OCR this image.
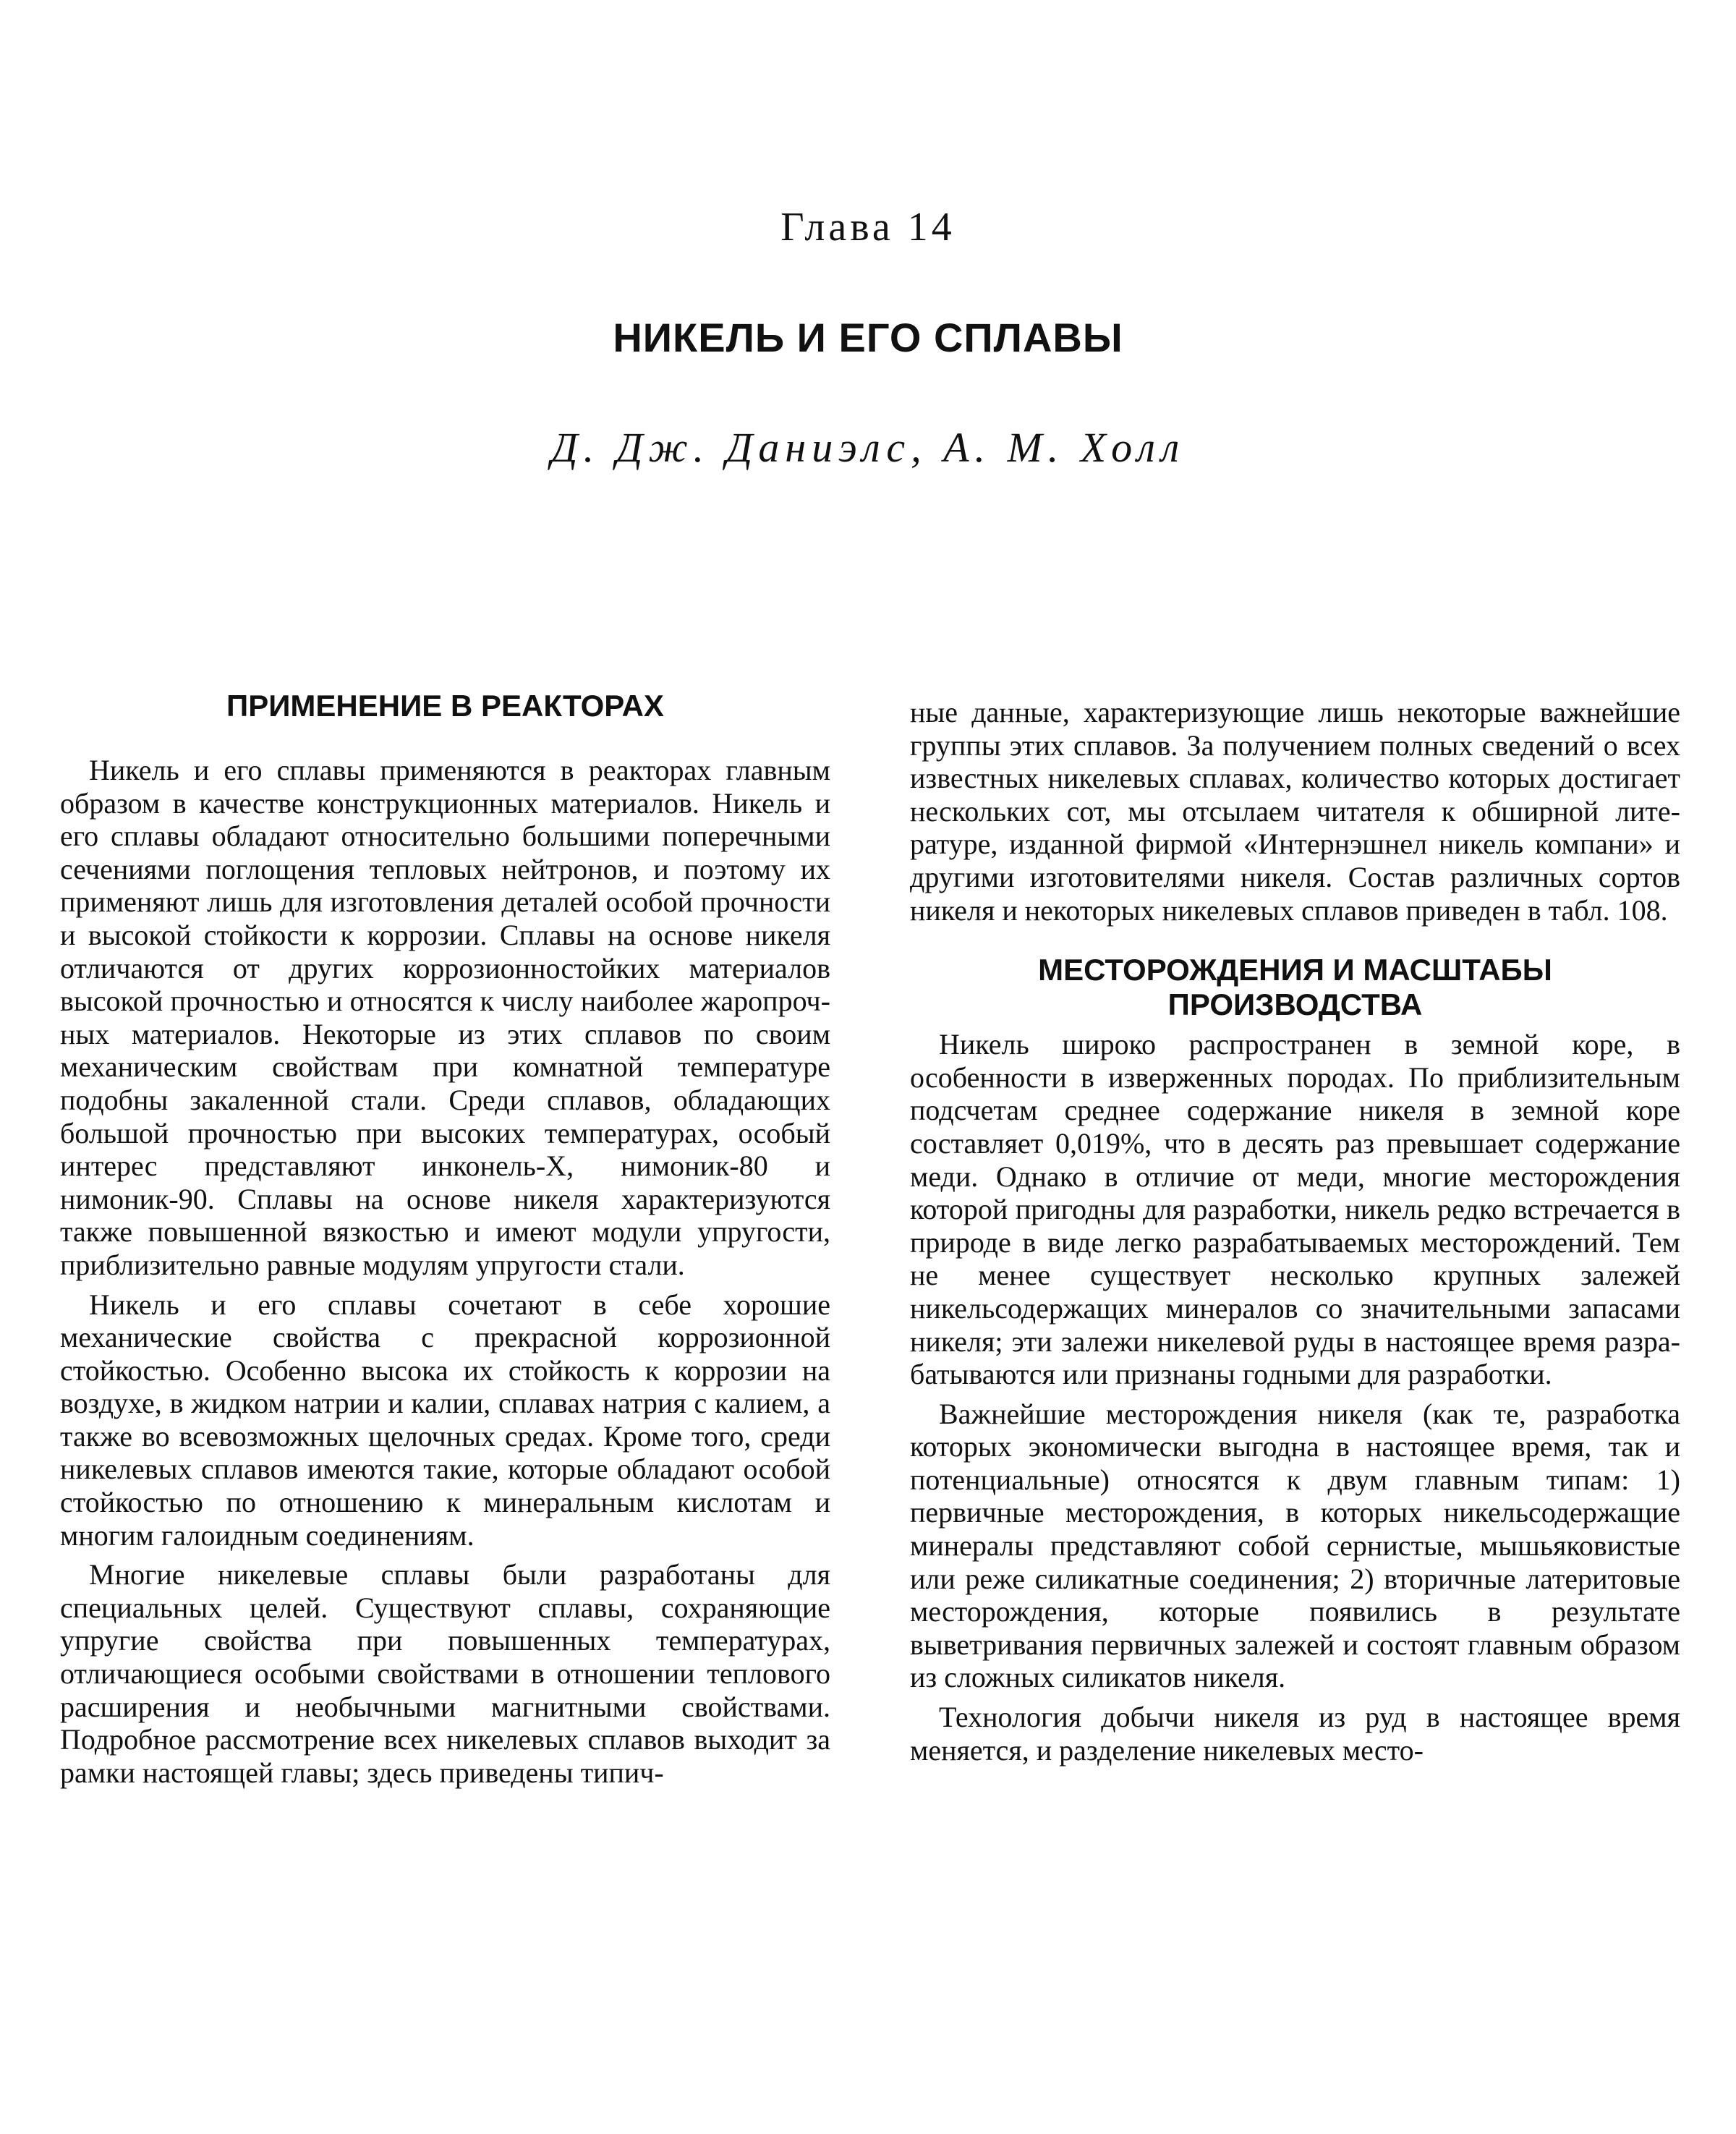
Глава 14
НИКЕЛЬ И ЕГО СПЛАВЫ
Д. Дж. Даниэлс, А. М. Холл
ПРИМЕНЕНИЕ В РЕАКТОРАХ

Никель и его сплавы применяются в реакторах главным образом в качестве конструкционных материалов. Никель и его сплавы обладают относительно большими поперечными сечениями поглощения тепловых нейтронов, и поэтому их применяют лишь для изготовления деталей особой прочности и высокой стойкости к коррозии. Сплавы на основе никеля отличаются от других коррозионностойких материалов высокой прочностью и относятся к числу наиболее жаропрочных материалов. Некоторые из этих сплавов по своим механическим свойствам при комнатной температуре подобны закаленной стали. Среди сплавов, обладающих большой прочностью при высоких температурах, особый интерес представляют инконель-Х, нимоник-80 и нимоник-90. Сплавы на основе никеля характеризуются также повышенной вязкостью и имеют модули упругости, приблизительно равные модулям упругости стали.

Никель и его сплавы сочетают в себе хорошие механические свойства с прекрасной коррозионной стойкостью. Особенно высока их стойкость к коррозии на воздухе, в жидком натрии и калии, сплавах натрия с калием, а также во всевозможных щелочных средах. Кроме того, среди никелевых сплавов имеются такие, которые обладают особой стойкостью по отношению к минеральным кислотам и многим галоидным соединениям.

Многие никелевые сплавы были разработаны для специальных целей. Существуют сплавы, сохраняющие упругие свойства при повышенных температурах, отличающиеся особыми свойствами в отношении теплового расширения и необычными магнитными свойствами. Подробное рассмотрение всех никелевых сплавов выходит за рамки настоящей главы; здесь приведены типич-

ные данные, характеризующие лишь некоторые важнейшие группы этих сплавов. За получением полных сведений о всех известных никелевых сплавах, количество которых достигает нескольких сот, мы отсылаем читателя к обширной литературе, изданной фирмой «Интернэшнел никель компани» и другими изготовителями никеля. Состав различных сортов никеля и некоторых никелевых сплавов приведен в табл. 108.

МЕСТОРОЖДЕНИЯ И МАСШТАБЫ ПРОИЗВОДСТВА

Никель широко распространен в земной коре, в особенности в изверженных породах. По приблизительным подсчетам среднее содержание никеля в земной коре составляет 0,019%, что в десять раз превышает содержание меди. Однако в отличие от меди, многие месторождения которой пригодны для разработки, никель редко встречается в природе в виде легко разрабатываемых месторождений. Тем не менее существует несколько крупных залежей никельсодержащих минералов со значительными запасами никеля; эти залежи никелевой руды в настоящее время разрабатываются или признаны годными для разработки.

Важнейшие месторождения никеля (как те, разработка которых экономически выгодна в настоящее время, так и потенциальные) относятся к двум главным типам: 1) первичные месторождения, в которых никельсодержащие минералы представляют собой сернистые, мышьяковистые или реже силикатные соединения; 2) вторичные латеритовые месторождения, которые появились в результате выветривания первичных залежей и состоят главным образом из сложных силикатов никеля.

Технология добычи никеля из руд в настоящее время меняется, и разделение никелевых место-
